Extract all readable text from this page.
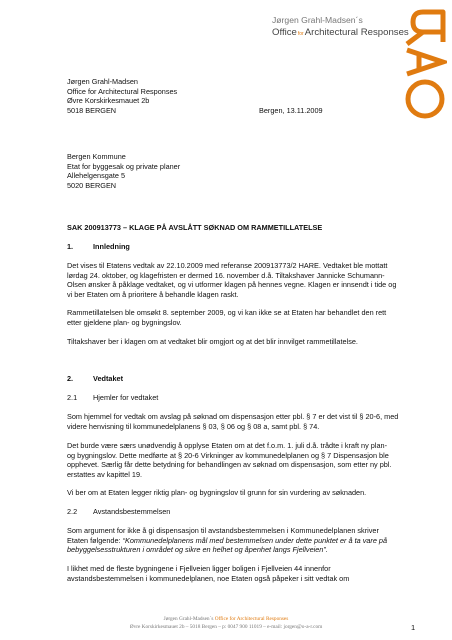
Jørgen Grahl-Madsen´s
OfficeforArchitectural Responses
Jørgen Grahl-Madsen
Office for Architectural Responses
Øvre Korskirkesmauet 2b
5018 BERGEN	Bergen, 13.11.2009
Bergen Kommune
Etat for byggesak og private planer
Allehelgensgate 5
5020 BERGEN
SAK 200913773 – KLAGE PÅ AVSLÅTT SØKNAD OM RAMMETILLATELSE
1.	Innledning
Det vises til Etatens vedtak av 22.10.2009 med referanse 200913773/2 HARE. Vedtaket ble mottatt lørdag 24. oktober, og klagefristen er dermed 16. november d.å. Tiltakshaver Jannicke Schumann-Olsen ønsker å påklage vedtaket, og vi utformer klagen på hennes vegne. Klagen er innsendt i tide og vi ber Etaten om å prioritere å behandle klagen raskt.
Rammetillatelsen ble omsøkt 8. september 2009, og vi kan ikke se at Etaten har behandlet den rett etter gjeldene plan- og bygningslov.
Tiltakshaver ber i klagen om at vedtaket blir omgjort og at det blir innvilget rammetillatelse.
2.	Vedtaket
2.1 Hjemler for vedtaket
Som hjemmel for vedtak om avslag på søknad om dispensasjon etter pbl. § 7 er det vist til § 20-6, med videre henvisning til kommunedelplanens § 03, § 06 og § 08 a, samt pbl. § 74.
Det burde være særs unødvendig å opplyse Etaten om at det f.o.m. 1. juli d.å. trådte i kraft ny plan- og bygningslov. Dette medførte at § 20-6 Virkninger av kommunedelplanen og § 7 Dispensasjon ble opphevet. Særlig får dette betydning for behandlingen av søknad om dispensasjon, som etter ny pbl. erstattes av kapittel 19.
Vi ber om at Etaten legger riktig plan- og bygningslov til grunn for sin vurdering av søknaden.
2.2 Avstandsbestemmelsen
Som argument for ikke å gi dispensasjon til avstandsbestemmelsen i Kommunedelplanen skriver Etaten følgende: “Kommunedelplanens mål med bestemmelsen under dette punktet er å ta vare på bebyggelsesstrukturen i området og sikre en helhet og åpenhet langs Fjellveien”.
I likhet med de fleste bygningene i Fjellveien ligger boligen i Fjellveien 44 innenfor avstandsbestemmelsen i kommunedelplanen, noe Etaten også påpeker i sitt vedtak om
Jørgen Grahl-Madsen´s Office for Architectural Responses
Øvre Korskirkesmauet 2b – 5018 Bergen – p: 0047 900 11019 – e-mail: jorgen@o-a-r.com	1
